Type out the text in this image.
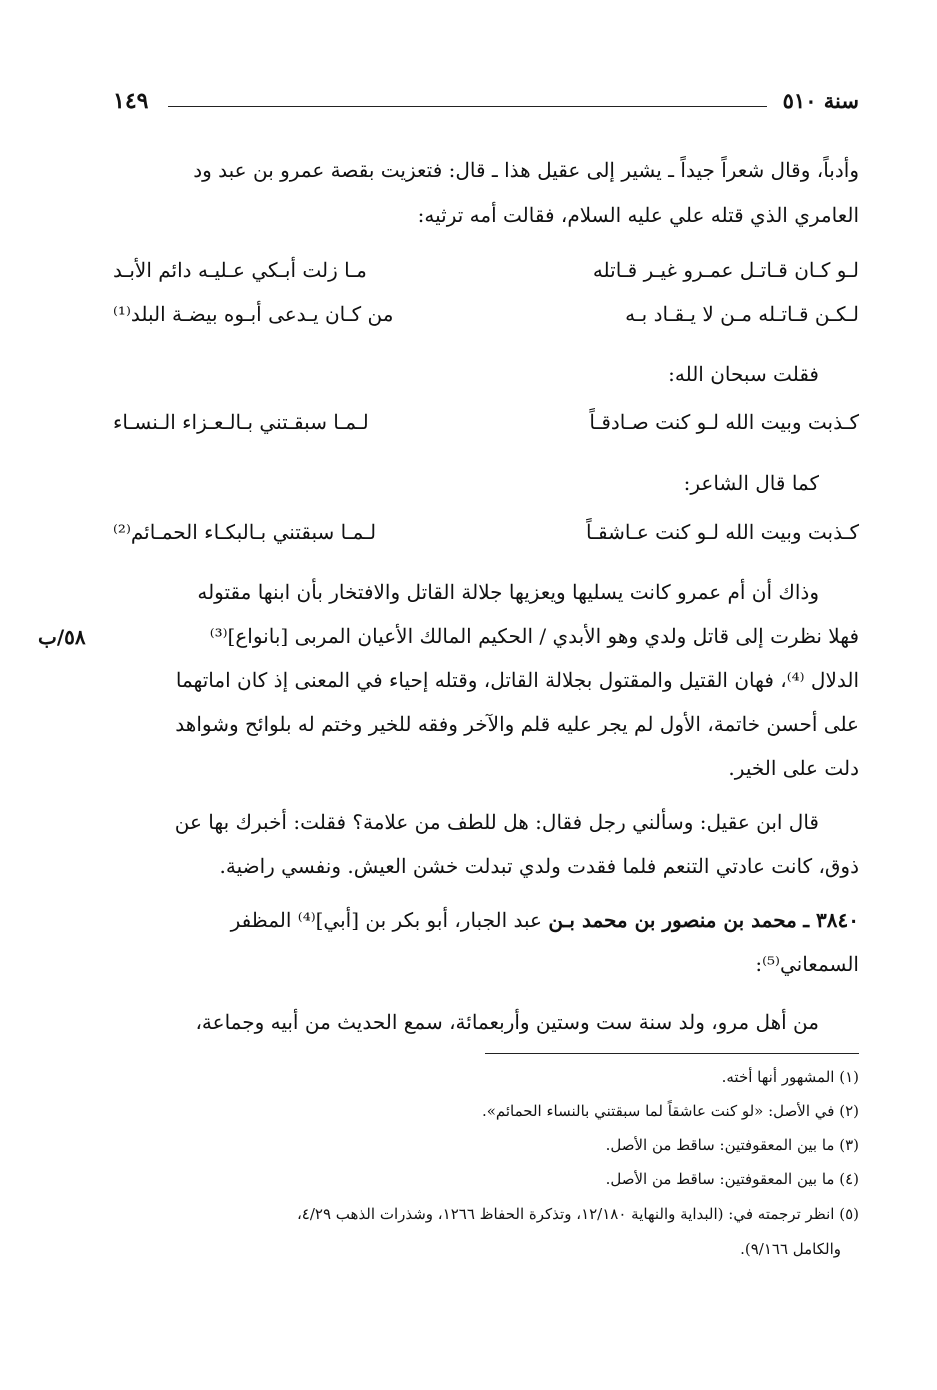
سنة ٥١٠
١٤٩
وأدباً، وقال شعراً جيداً ـ يشير إلى عقيل هذا ـ قال: فتعزيت بقصة عمرو بن عبد ود
العامري الذي قتله علي عليه السلام، فقالت أمه ترثيه:
لـو كـان قـاتـل عمـرو غيـر قـاتله
مـا زلت أبـكي عـليـه دائم الأبـد
لـكـن قـاتـله مـن لا يـقـاد بـه
من كـان يـدعى أبـوه بيضـة البلد⁽¹⁾
فقلت سبحان الله:
كـذبت وبيت الله لـو كنت صـادقـاً
لـمـا سبقـتني بـالـعـزاء الـنسـاء
كما قال الشاعر:
كـذبت وبيت الله لـو كنت عـاشقـاً
لـمـا سبقتني بـالبكـاء الحمـائم⁽²⁾
وذاك أن أم عمرو كانت يسليها ويعزيها جلالة القاتل والافتخار بأن ابنها مقتوله
فهلا نظرت إلى قاتل ولدي وهو الأبدي / الحكيم المالك الأعيان المربى [بانواع]⁽³⁾
الدلال ⁽⁴⁾، فهان القتيل والمقتول بجلالة القاتل، وقتله إحياء في المعنى إذ كان اماتهما
على أحسن خاتمة، الأول لم يجر عليه قلم والآخر وفقه للخير وختم له بلوائح وشواهد
دلت على الخير.
٥٨/ب
قال ابن عقيل: وسألني رجل فقال: هل للطف من علامة؟ فقلت: أخبرك بها عن
ذوق، كانت عادتي التنعم فلما فقدت ولدي تبدلت خشن العيش. ونفسي راضية.
٣٨٤٠ ـ محمد بن منصور بن محمد بـن عبد الجبار، أبو بكر بن [أبي]⁽⁴⁾ المظفر
السمعاني⁽⁵⁾:
من أهل مرو، ولد سنة ست وستين وأربعمائة، سمع الحديث من أبيه وجماعة،
(١) المشهور أنها أخته.
(٢) في الأصل: «لو كنت عاشقاً لما سبقتني بالنساء الحمائم».
(٣) ما بين المعقوفتين: ساقط من الأصل.
(٤) ما بين المعقوفتين: ساقط من الأصل.
(٥) انظر ترجمته في: (البداية والنهاية ١٢/١٨٠، وتذكرة الحفاظ ١٢٦٦، وشذرات الذهب ٤/٢٩،
والكامل ٩/١٦٦).
